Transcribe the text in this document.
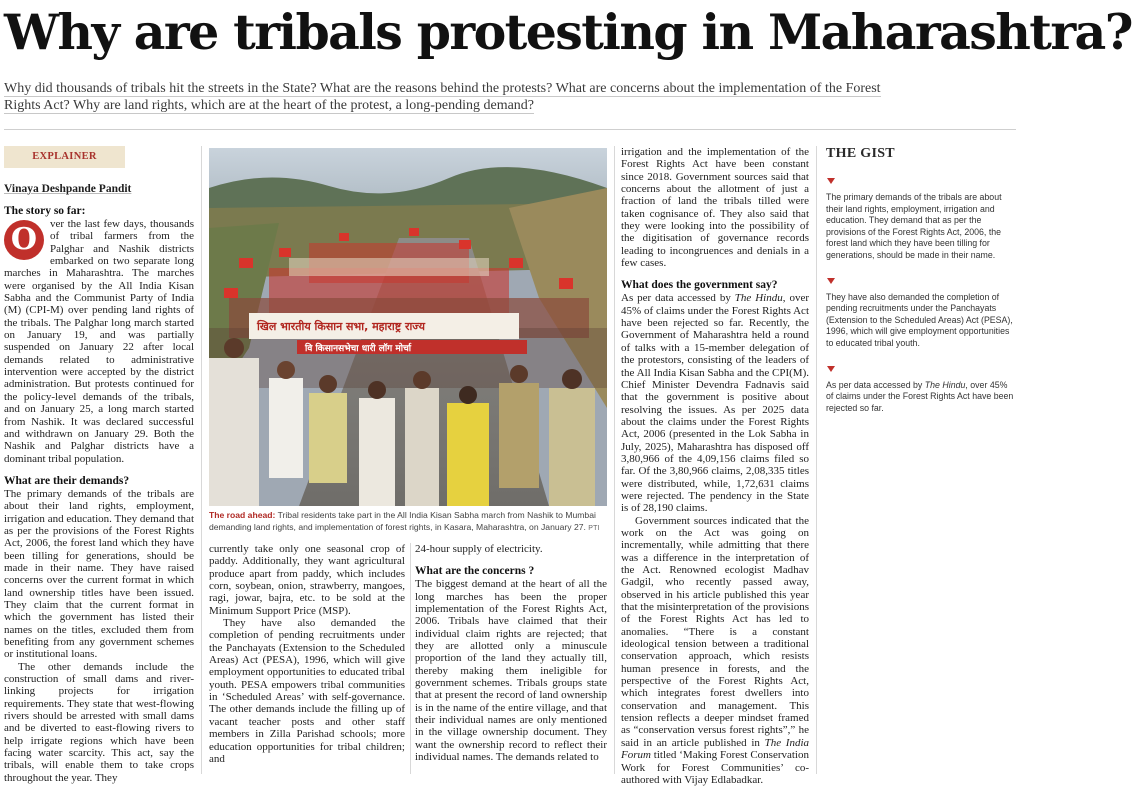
Why are tribals protesting in Maharashtra?
Why did thousands of tribals hit the streets in the State? What are the reasons behind the protests? What are concerns about the implementation of the Forest
Rights Act? Why are land rights, which are at the heart of the protest, a long-pending demand?
EXPLAINER
Vinaya Deshpande Pandit
The story so far:

O	ver the last few days, thousands of tribal farmers from the Palghar and Nashik districts embarked on two separate long marches in Maharashtra. The marches were organised by the All India Kisan Sabha and the Communist Party of India (M) (CPI-M) over pending land rights of the tribals. The Palghar long march started on January 19, and was partially suspended on January 22 after local demands related to administrative intervention were accepted by the district administration. But protests continued for the policy-level demands of the tribals, and on January 25, a long march started from Nashik. It was declared successful and withdrawn on January 29. Both the Nashik and Palghar districts have a dominant tribal population.

What are their demands?

The primary demands of the tribals are about their land rights, employment, irrigation and education. They demand that as per the provisions of the Forest Rights Act, 2006, the forest land which they have been tilling for generations, should be made in their name. They have raised concerns over the current format in which land ownership titles have been issued. They claim that the current format in which the government has listed their names on the titles, excluded them from benefiting from any government schemes or institutional loans.

The other demands include the construction of small dams and river-linking projects for irrigation requirements. They state that west-flowing rivers should be arrested with small dams and be diverted to east-flowing rivers to help irrigate regions which have been facing water scarcity. This act, say the tribals, will enable them to take crops throughout the year. They

खिल भारतीय किसान सभा, महाराष्ट्र राज्य
वि किसानसभेचा धारी लॉग मोर्चा
The road ahead: Tribal residents take part in the All India Kisan Sabha march from Nashik to Mumbai demanding land rights, and implementation of forest rights, in Kasara, Maharashtra, on January 27. PTI

currently take only one seasonal crop of paddy. Additionally, they want agricultural produce apart from paddy, which includes corn, soybean, onion, strawberry, mangoes, ragi, jowar, bajra, etc. to be sold at the Minimum Support Price (MSP).

They have also demanded the completion of pending recruitments under the Panchayats (Extension to the Scheduled Areas) Act (PESA), 1996, which will give employment opportunities to educated tribal youth. PESA empowers tribal communities in ‘Scheduled Areas’ with self-governance. The other demands include the filling up of vacant teacher posts and other staff members in Zilla Parishad schools; more education opportunities for tribal children; and

24-hour supply of electricity.

What are the concerns ?

The biggest demand at the heart of all the long marches has been the proper implementation of the Forest Rights Act, 2006. Tribals have claimed that their individual claim rights are rejected; that they are allotted only a minuscule proportion of the land they actually till, thereby making them ineligible for government schemes. Tribals groups state that at present the record of land ownership is in the name of the entire village, and that their individual names are only mentioned in the village ownership document. They want the ownership record to reflect their individual names. The demands related to

irrigation and the implementation of the Forest Rights Act have been constant since 2018. Government sources said that concerns about the allotment of just a fraction of land the tribals tilled were taken cognisance of. They also said that they were looking into the possibility of the digitisation of governance records leading to incongruences and denials in a few cases.

What does the government say?

As per data accessed by The Hindu, over 45% of claims under the Forest Rights Act have been rejected so far. Recently, the Government of Maharashtra held a round of talks with a 15-member delegation of the protestors, consisting of the leaders of the All India Kisan Sabha and the CPI(M). Chief Minister Devendra Fadnavis said that the government is positive about resolving the issues. As per 2025 data about the claims under the Forest Rights Act, 2006 (presented in the Lok Sabha in July, 2025), Maharashtra has disposed off 3,80,966 of the 4,09,156 claims filed so far. Of the 3,80,966 claims, 2,08,335 titles were distributed, while, 1,72,631 claims were rejected. The pendency in the State is of 28,190 claims.

Government sources indicated that the work on the Act was going on incrementally, while admitting that there was a difference in the interpretation of the Act. Renowned ecologist Madhav Gadgil, who recently passed away, observed in his article published this year that the misinterpretation of the provisions of the Forest Rights Act has led to anomalies. “There is a constant ideological tension between a traditional conservation approach, which resists human presence in forests, and the perspective of the Forest Rights Act, which integrates forest dwellers into conservation and management. This tension reflects a deeper mindset framed as “conservation versus forest rights”,” he said in an article published in The India Forum titled ‘Making Forest Conservation Work for Forest Communities’ co-authored with Vijay Edlabadkar.

THE GIST
The primary demands of the tribals are about their land rights, employment, irrigation and education. They demand that as per the provisions of the Forest Rights Act, 2006, the forest land which they have been tilling for generations, should be made in their name.
They have also demanded the completion of pending recruitments under the Panchayats (Extension to the Scheduled Areas) Act (PESA), 1996, which will give employment opportunities to educated tribal youth.
As per data accessed by The Hindu, over 45% of claims under the Forest Rights Act have been rejected so far.
